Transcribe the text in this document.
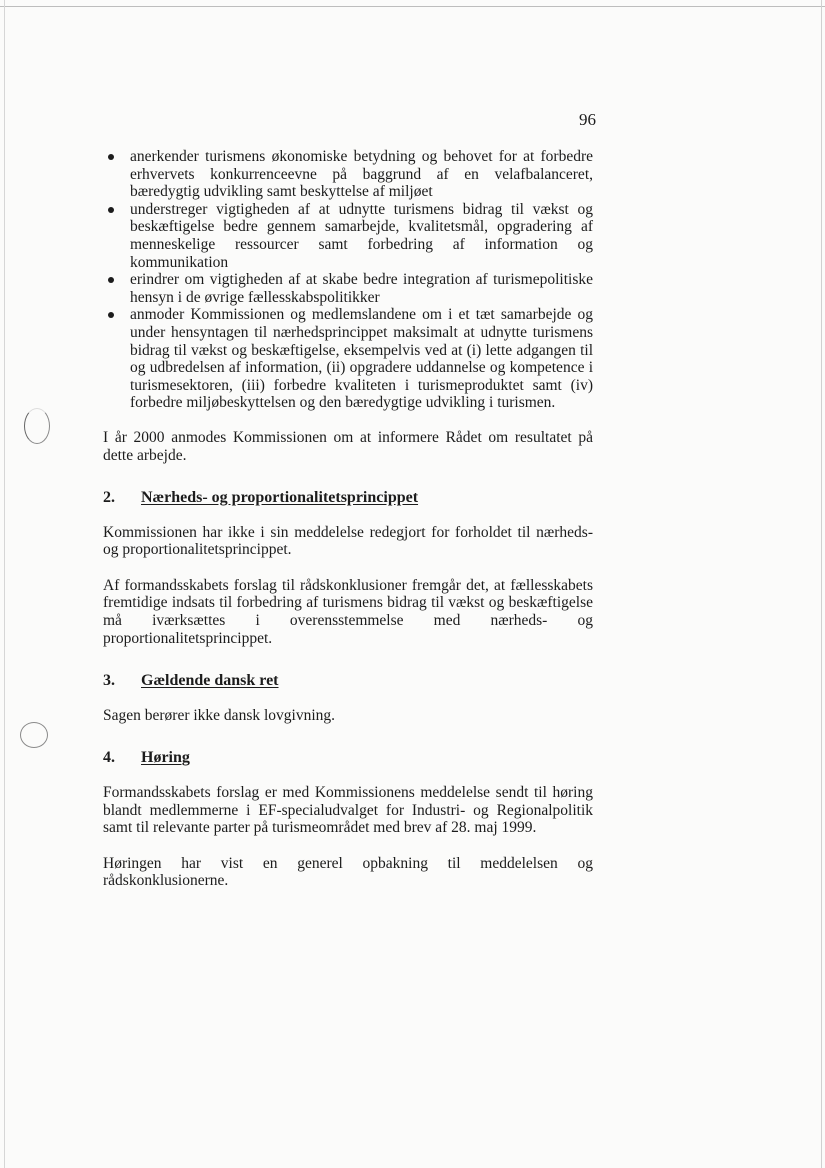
96
anerkender turismens økonomiske betydning og behovet for at forbedre erhvervets konkurrenceevne på baggrund af en velafbalanceret, bæredygtig udvikling samt beskyttelse af miljøet
understreger vigtigheden af at udnytte turismens bidrag til vækst og beskæftigelse bedre gennem samarbejde, kvalitetsmål, opgradering af menneskelige ressourcer samt forbedring af information og kommunikation
erindrer om vigtigheden af at skabe bedre integration af turismepolitiske hensyn i de øvrige fællesskabspolitikker
anmoder Kommissionen og medlemslandene om i et tæt samarbejde og under hensyntagen til nærhedsprincippet maksimalt at udnytte turismens bidrag til vækst og beskæftigelse, eksempelvis ved at (i) lette adgangen til og udbredelsen af information, (ii) opgradere uddannelse og kompetence i turismesektoren, (iii) forbedre kvaliteten i turismeproduktet samt (iv) forbedre miljøbeskyttelsen og den bæredygtige udvikling i turismen.

I år 2000 anmodes Kommissionen om at informere Rådet om resultatet på dette arbejde.

2.	Nærheds- og proportionalitetsprincippet

Kommissionen har ikke i sin meddelelse redegjort for forholdet til nærheds- og proportionalitetsprincippet.

Af formandsskabets forslag til rådskonklusioner fremgår det, at fællesskabets fremtidige indsats til forbedring af turismens bidrag til vækst og beskæftigelse må iværksættes i overensstemmelse med nærheds- og proportionalitetsprincippet.

3.	Gældende dansk ret

Sagen berører ikke dansk lovgivning.

4.	Høring

Formandsskabets forslag er med Kommissionens meddelelse sendt til høring blandt medlemmerne i EF-specialudvalget for Industri- og Regionalpolitik samt til relevante parter på turismeområdet med brev af 28. maj 1999.

Høringen har vist en generel opbakning til meddelelsen og rådskonklusionerne.
